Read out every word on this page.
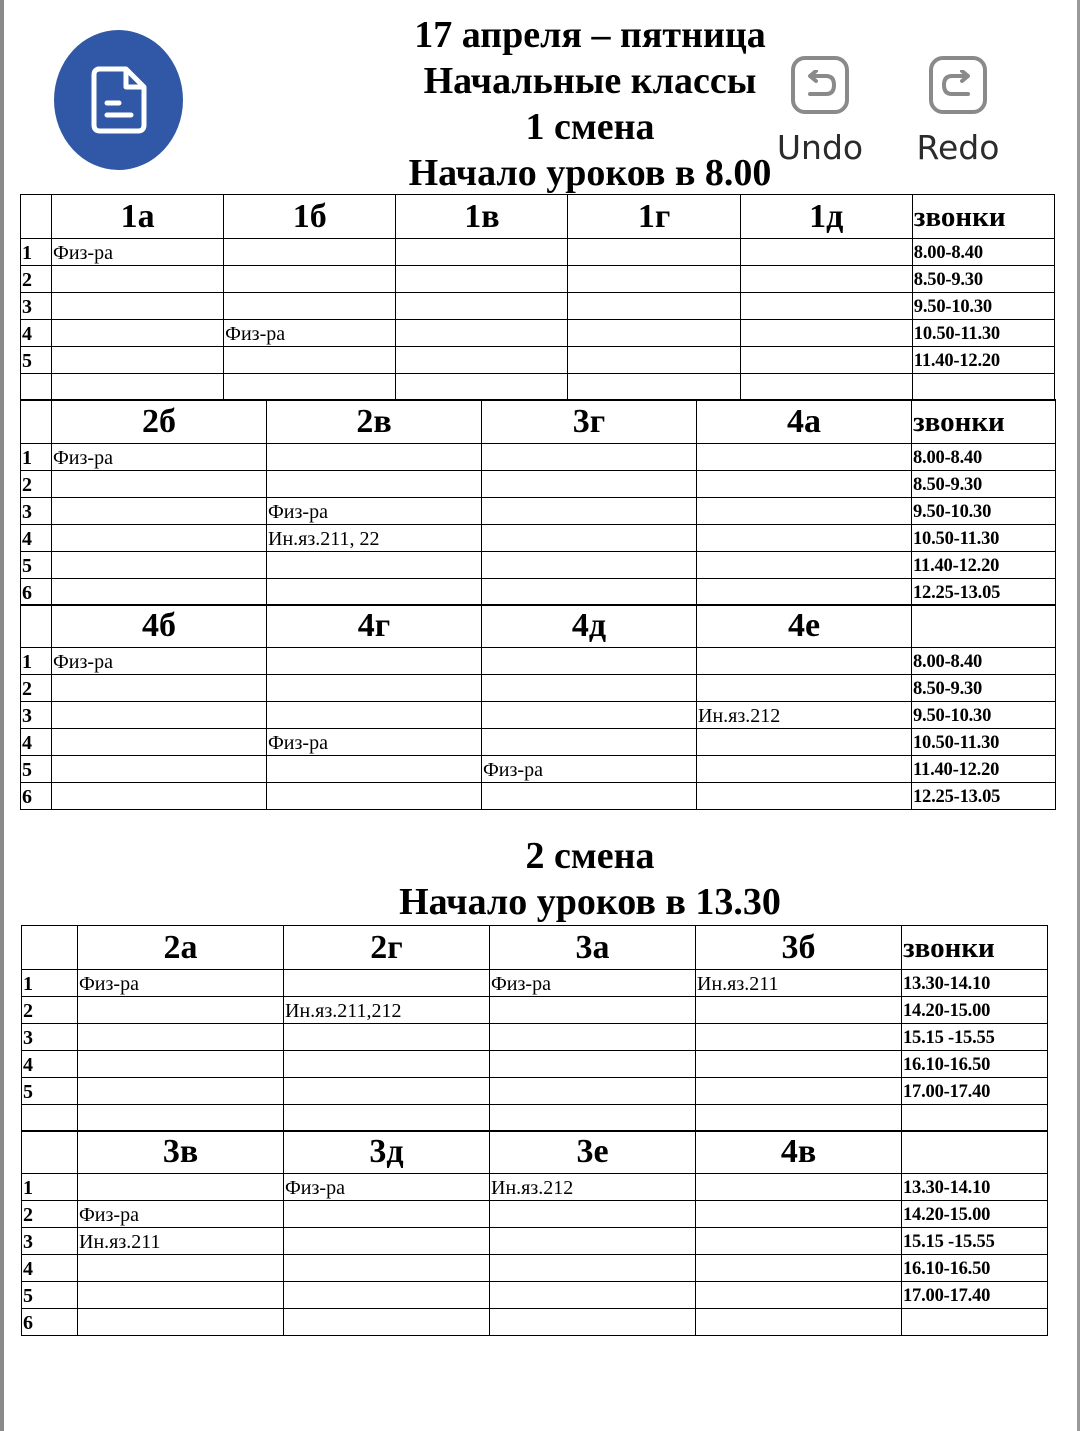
17 апреля – пятница
Начальные классы
1 смена
Начало уроков в 8.00
Undo	Redo
2 смена
Начало уроков в 13.30
	1а	1б	1в	1г	1д	звонки
1	Физ-ра					8.00-8.40
2						8.50-9.30
3						9.50-10.30
4		Физ-ра				10.50-11.30
5						11.40-12.20

	2б	2в	3г	4а	звонки
1	Физ-ра				8.00-8.40
2					8.50-9.30
3		Физ-ра			9.50-10.30
4		Ин.яз.211, 22			10.50-11.30
5					11.40-12.20
6					12.25-13.05
	4б	4г	4д	4е	
1	Физ-ра				8.00-8.40
2					8.50-9.30
3				Ин.яз.212	9.50-10.30
4		Физ-ра			10.50-11.30
5			Физ-ра		11.40-12.20
6					12.25-13.05
	2а	2г	3а	3б	звонки
1	Физ-ра		Физ-ра	Ин.яз.211	13.30-14.10
2		Ин.яз.211,212			14.20-15.00
3					15.15 -15.55
4					16.10-16.50
5					17.00-17.40

	3в	3д	3е	4в	
1		Физ-ра	Ин.яз.212		13.30-14.10
2	Физ-ра				14.20-15.00
3	Ин.яз.211				15.15 -15.55
4					16.10-16.50
5					17.00-17.40
6					
